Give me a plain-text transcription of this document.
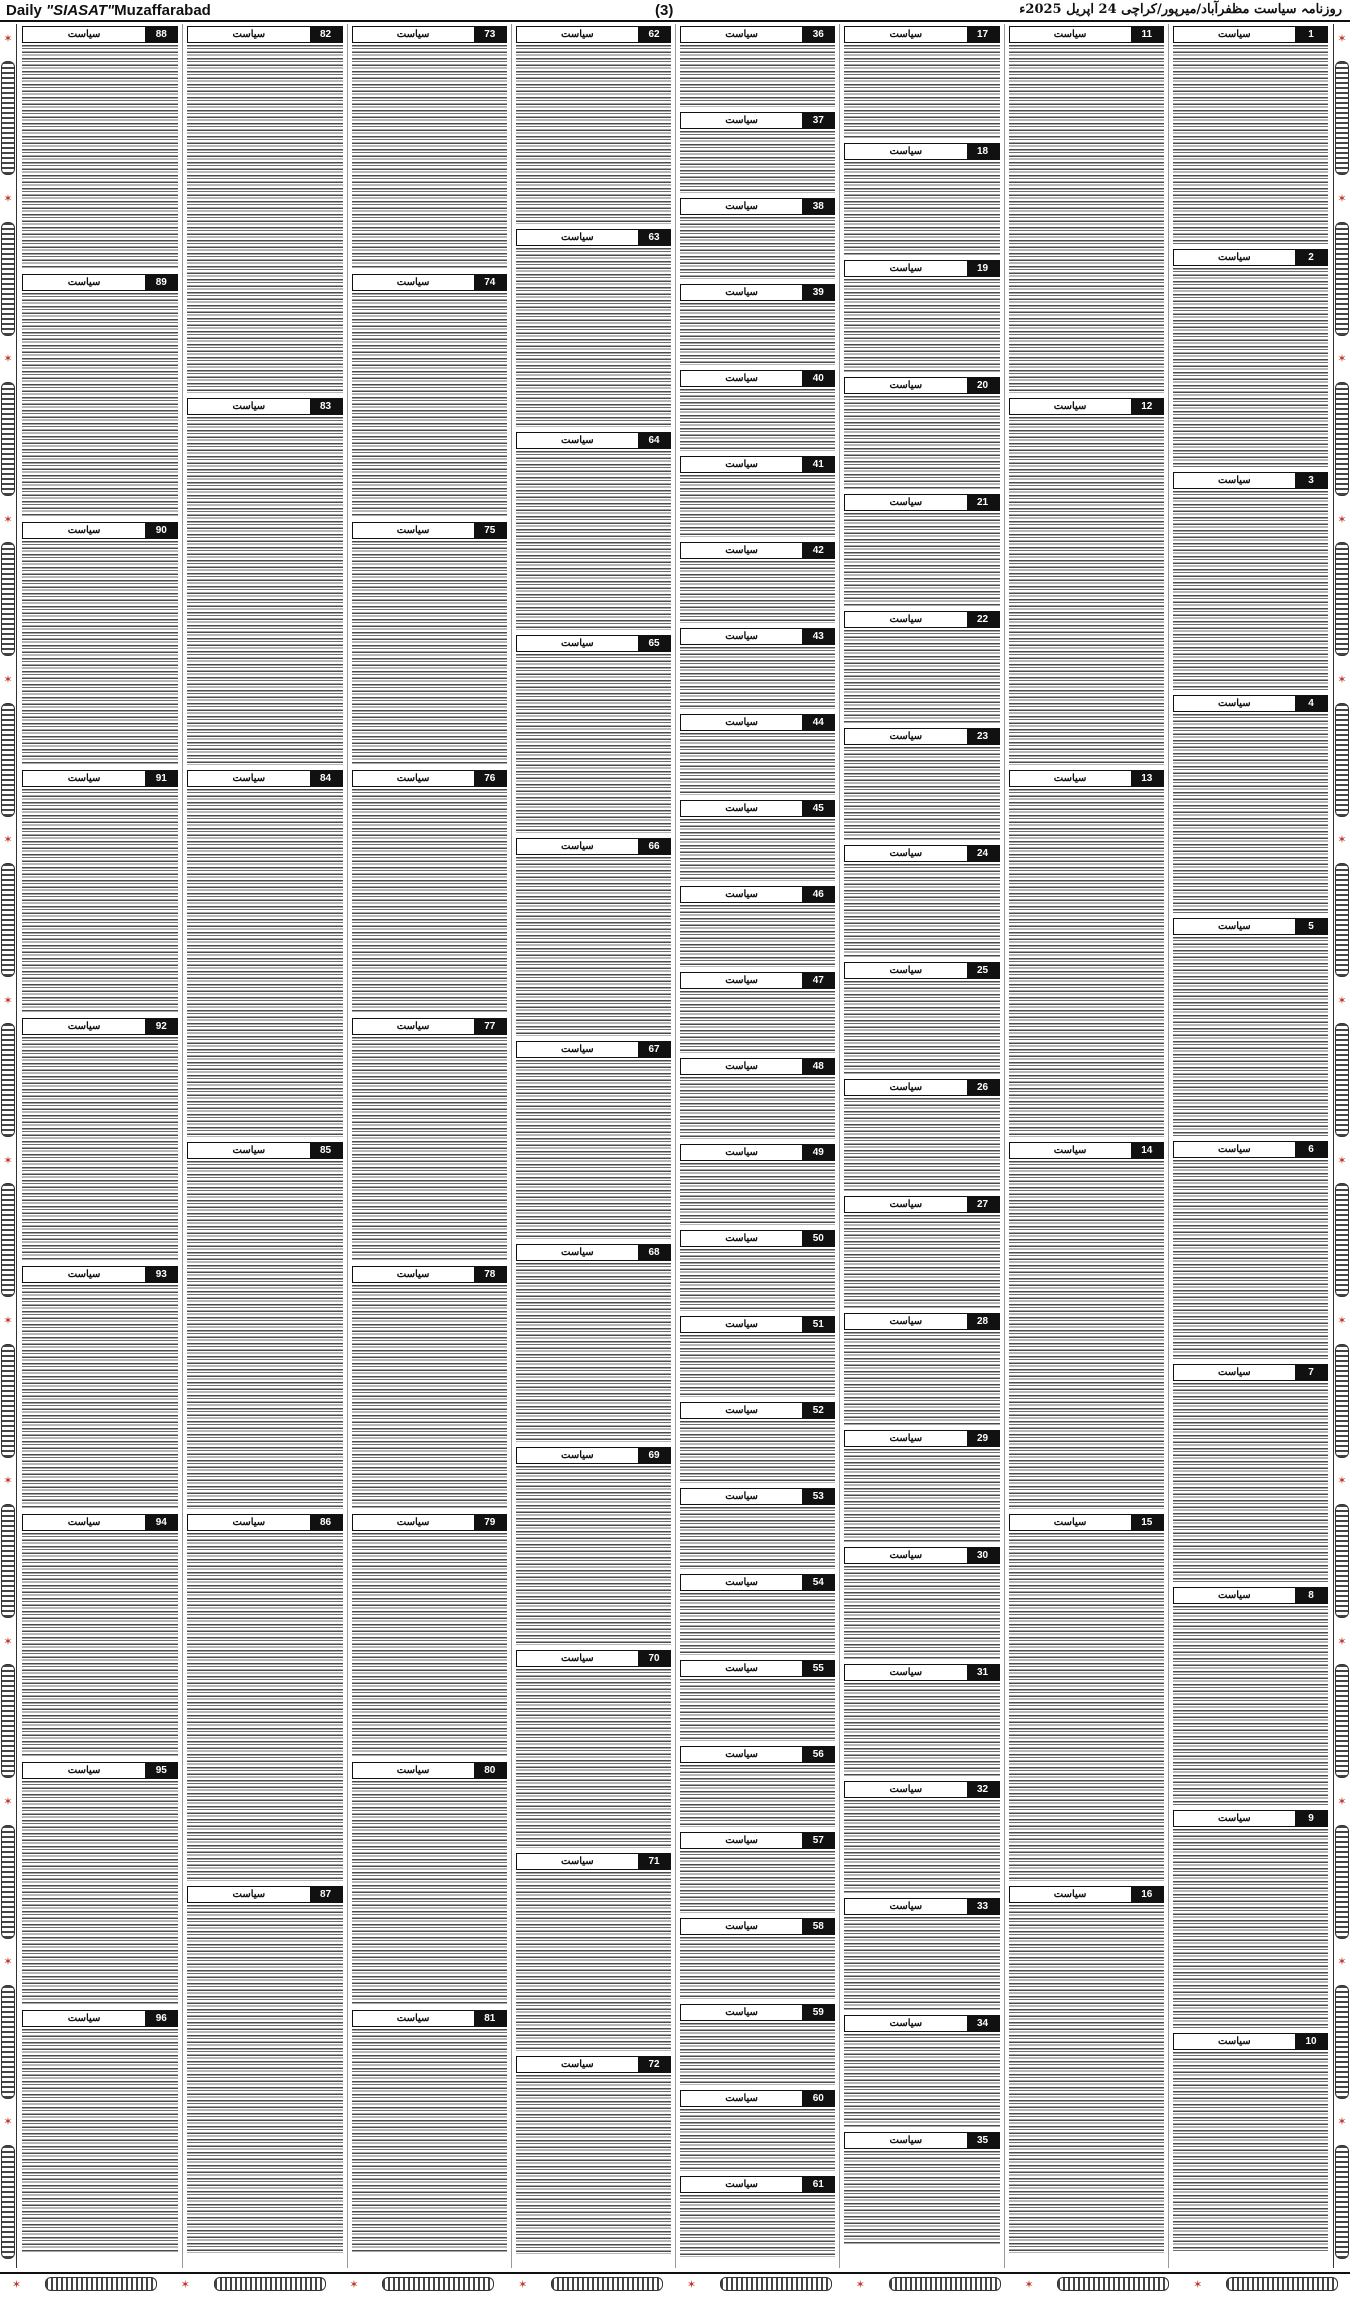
Daily "SIASAT"Muzaffarabad	(3)	روزنامہ سیاست مظفرآباد/میرپور/کراچی 24 اپریل 2025ء
✶
✶
✶
✶
✶
✶
✶
✶
✶
✶
✶
✶
✶
✶
سیاست	1
سیاست	2
سیاست	3
سیاست	4
سیاست	5
سیاست	6
سیاست	7
سیاست	8
سیاست	9
سیاست	10
سیاست	11
سیاست	12
سیاست	13
سیاست	14
سیاست	15
سیاست	16
سیاست	17
سیاست	18
سیاست	19
سیاست	20
سیاست	21
سیاست	22
سیاست	23
سیاست	24
سیاست	25
سیاست	26
سیاست	27
سیاست	28
سیاست	29
سیاست	30
سیاست	31
سیاست	32
سیاست	33
سیاست	34
سیاست	35
سیاست	36
سیاست	37
سیاست	38
سیاست	39
سیاست	40
سیاست	41
سیاست	42
سیاست	43
سیاست	44
سیاست	45
سیاست	46
سیاست	47
سیاست	48
سیاست	49
سیاست	50
سیاست	51
سیاست	52
سیاست	53
سیاست	54
سیاست	55
سیاست	56
سیاست	57
سیاست	58
سیاست	59
سیاست	60
سیاست	61
سیاست	62
سیاست	63
سیاست	64
سیاست	65
سیاست	66
سیاست	67
سیاست	68
سیاست	69
سیاست	70
سیاست	71
سیاست	72
سیاست	73
سیاست	74
سیاست	75
سیاست	76
سیاست	77
سیاست	78
سیاست	79
سیاست	80
سیاست	81
سیاست	82
سیاست	83
سیاست	84
سیاست	85
سیاست	86
سیاست	87
سیاست	88
سیاست	89
سیاست	90
سیاست	91
سیاست	92
سیاست	93
سیاست	94
سیاست	95
سیاست	96
✶
✶
✶
✶
✶
✶
✶
✶
✶
✶
✶
✶
✶
✶
✶	✶	✶	✶	✶	✶	✶	✶
